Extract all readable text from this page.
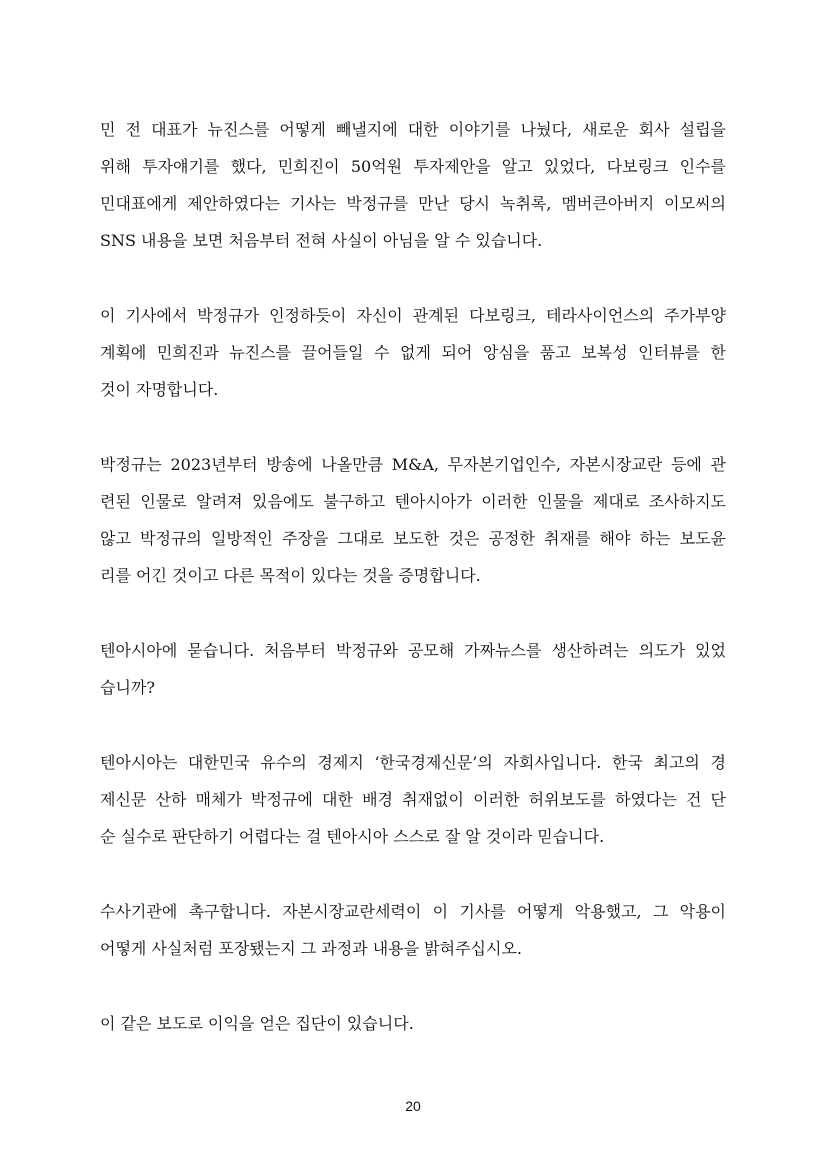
민 전 대표가 뉴진스를 어떻게 빼낼지에 대한 이야기를 나눴다, 새로운 회사 설립을
위해 투자얘기를 했다, 민희진이 50억원 투자제안을 알고 있었다, 다보링크 인수를
민대표에게 제안하였다는 기사는 박정규를 만난 당시 녹취록, 멤버큰아버지 이모씨의
SNS 내용을 보면 처음부터 전혀 사실이 아님을 알 수 있습니다.
이 기사에서 박정규가 인정하듯이 자신이 관계된 다보링크, 테라사이언스의 주가부양
계획에 민희진과 뉴진스를 끌어들일 수 없게 되어 앙심을 품고 보복성 인터뷰를 한
것이 자명합니다.
박정규는 2023년부터 방송에 나올만큼 M&A, 무자본기업인수, 자본시장교란 등에 관
련된 인물로 알려져 있음에도 불구하고 텐아시아가 이러한 인물을 제대로 조사하지도
않고 박정규의 일방적인 주장을 그대로 보도한 것은 공정한 취재를 해야 하는 보도윤
리를 어긴 것이고 다른 목적이 있다는 것을 증명합니다.
텐아시아에 묻습니다. 처음부터 박정규와 공모해 가짜뉴스를 생산하려는 의도가 있었
습니까?
텐아시아는 대한민국 유수의 경제지 ‘한국경제신문’의 자회사입니다. 한국 최고의 경
제신문 산하 매체가 박정규에 대한 배경 취재없이 이러한 허위보도를 하였다는 건 단
순 실수로 판단하기 어렵다는 걸 텐아시아 스스로 잘 알 것이라 믿습니다.
수사기관에 촉구합니다. 자본시장교란세력이 이 기사를 어떻게 악용했고, 그 악용이
어떻게 사실처럼 포장됐는지 그 과정과 내용을 밝혀주십시오.
이 같은 보도로 이익을 얻은 집단이 있습니다.
20
